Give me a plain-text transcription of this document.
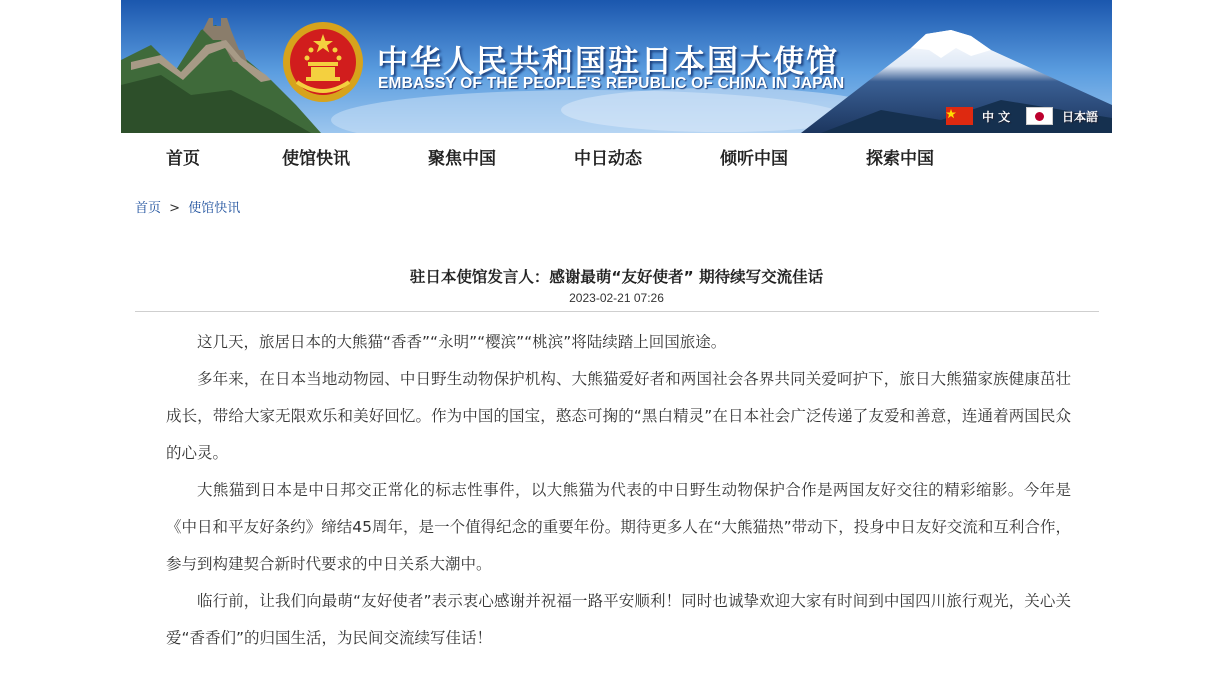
中华人民共和国驻日本国大使馆
EMBASSY OF THE PEOPLE'S REPUBLIC OF CHINA IN JAPAN
中 文	日本語
首页	使馆快讯	聚焦中国	中日动态	倾听中国	探索中国
首页 > 使馆快讯
驻日本使馆发言人：感谢最萌“友好使者” 期待续写交流佳话
2023-02-21 07:26

这几天，旅居日本的大熊猫“香香”“永明”“樱滨”“桃滨”将陆续踏上回国旅途。

多年来，在日本当地动物园、中日野生动物保护机构、大熊猫爱好者和两国社会各界共同关爱呵护下，旅日大熊猫家族健康茁壮成长，带给大家无限欢乐和美好回忆。作为中国的国宝，憨态可掬的“黑白精灵”在日本社会广泛传递了友爱和善意，连通着两国民众的心灵。

大熊猫到日本是中日邦交正常化的标志性事件，以大熊猫为代表的中日野生动物保护合作是两国友好交往的精彩缩影。今年是《中日和平友好条约》缔结45周年，是一个值得纪念的重要年份。期待更多人在“大熊猫热”带动下，投身中日友好交流和互利合作，参与到构建契合新时代要求的中日关系大潮中。

临行前，让我们向最萌“友好使者”表示衷心感谢并祝福一路平安顺利！同时也诚挚欢迎大家有时间到中国四川旅行观光，关心关爱“香香们”的归国生活，为民间交流续写佳话！
